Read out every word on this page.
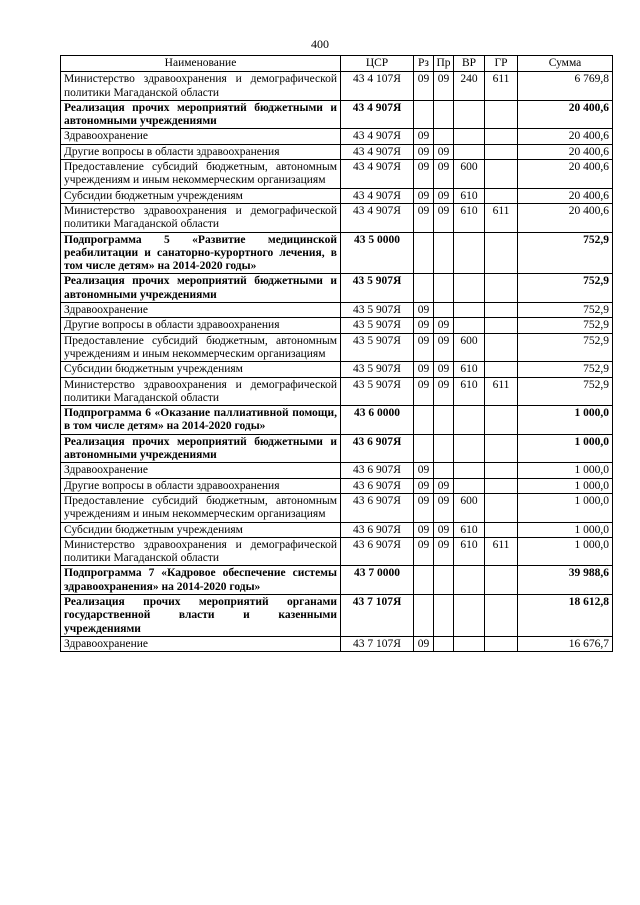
400
Наименование	ЦСР	Рз	Пр	ВР	ГР	Сумма
Министерство здравоохранения и демографической политики Магаданской области	43 4 107Я	09	09	240	611	6 769,8
Реализация прочих мероприятий бюджетными и автономными учреждениями	43 4 907Я					20 400,6
Здравоохранение	43 4 907Я	09				20 400,6
Другие вопросы в области здравоохранения	43 4 907Я	09	09			20 400,6
Предоставление субсидий бюджетным, автономным учреждениям и иным некоммерческим организациям	43 4 907Я	09	09	600		20 400,6
Субсидии бюджетным учреждениям	43 4 907Я	09	09	610		20 400,6
Министерство здравоохранения и демографической политики Магаданской области	43 4 907Я	09	09	610	611	20 400,6
Подпрограмма 5 «Развитие медицинской реабилитации и санаторно-курортного лечения, в том числе детям» на 2014-2020 годы»	43 5 0000					752,9
Реализация прочих мероприятий бюджетными и автономными учреждениями	43 5 907Я					752,9
Здравоохранение	43 5 907Я	09				752,9
Другие вопросы в области здравоохранения	43 5 907Я	09	09			752,9
Предоставление субсидий бюджетным, автономным учреждениям и иным некоммерческим организациям	43 5 907Я	09	09	600		752,9
Субсидии бюджетным учреждениям	43 5 907Я	09	09	610		752,9
Министерство здравоохранения и демографической политики Магаданской области	43 5 907Я	09	09	610	611	752,9
Подпрограмма 6 «Оказание паллиативной помощи, в том числе детям» на 2014-2020 годы»	43 6 0000					1 000,0
Реализация прочих мероприятий бюджетными и автономными учреждениями	43 6 907Я					1 000,0
Здравоохранение	43 6 907Я	09				1 000,0
Другие вопросы в области здравоохранения	43 6 907Я	09	09			1 000,0
Предоставление субсидий бюджетным, автономным учреждениям и иным некоммерческим организациям	43 6 907Я	09	09	600		1 000,0
Субсидии бюджетным учреждениям	43 6 907Я	09	09	610		1 000,0
Министерство здравоохранения и демографической политики Магаданской области	43 6 907Я	09	09	610	611	1 000,0
Подпрограмма 7 «Кадровое обеспечение системы здравоохранения» на 2014-2020 годы»	43 7 0000					39 988,6
Реализация прочих мероприятий органами государственной власти и казенными учреждениями	43 7 107Я					18 612,8
Здравоохранение	43 7 107Я	09				16 676,7
